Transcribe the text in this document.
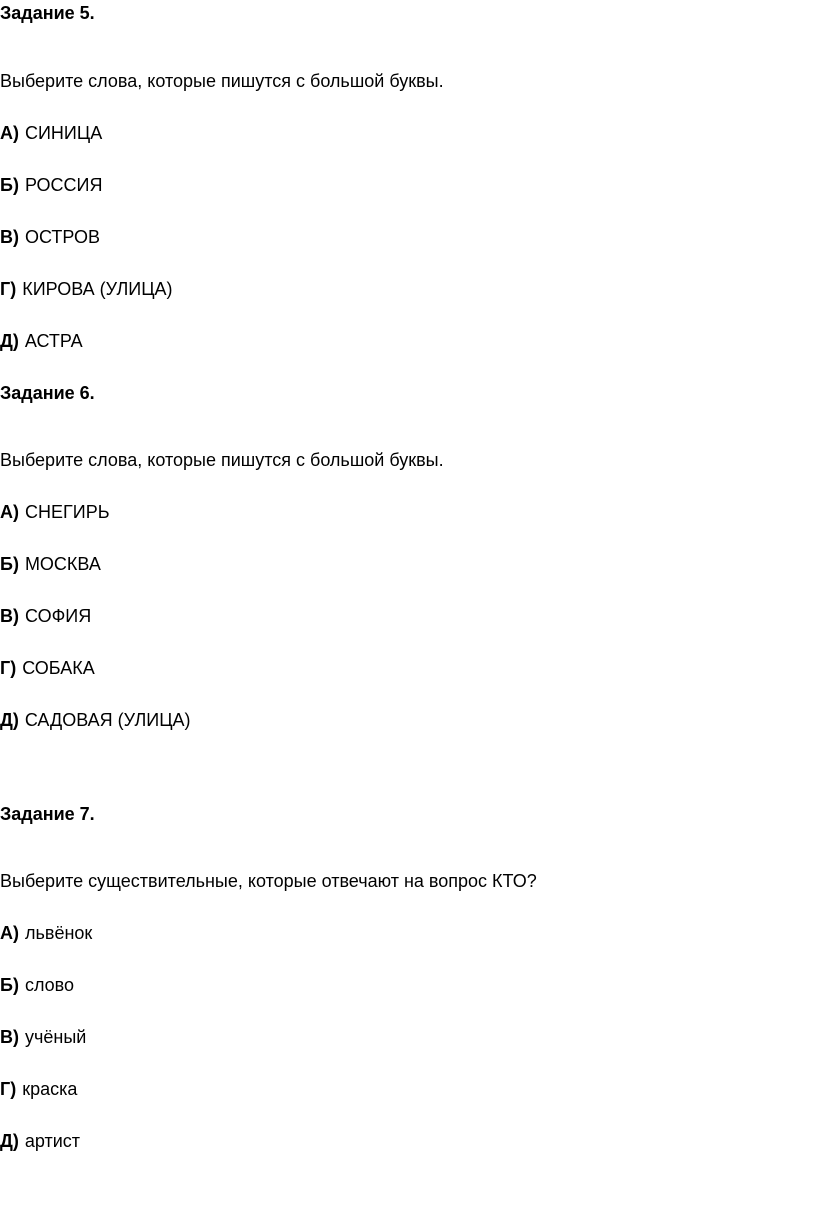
Задание 5.
Выберите слова, которые пишутся с большой буквы.
А) СИНИЦА
Б) РОССИЯ
В) ОСТРОВ
Г) КИРОВА (УЛИЦА)
Д) АСТРА
Задание 6.
Выберите слова, которые пишутся с большой буквы.
А) СНЕГИРЬ
Б) МОСКВА
В) СОФИЯ
Г) СОБАКА
Д) САДОВАЯ (УЛИЦА)
Задание 7.
Выберите существительные, которые отвечают на вопрос КТО?
А) львёнок
Б) слово
В) учёный
Г) краска
Д) артист
